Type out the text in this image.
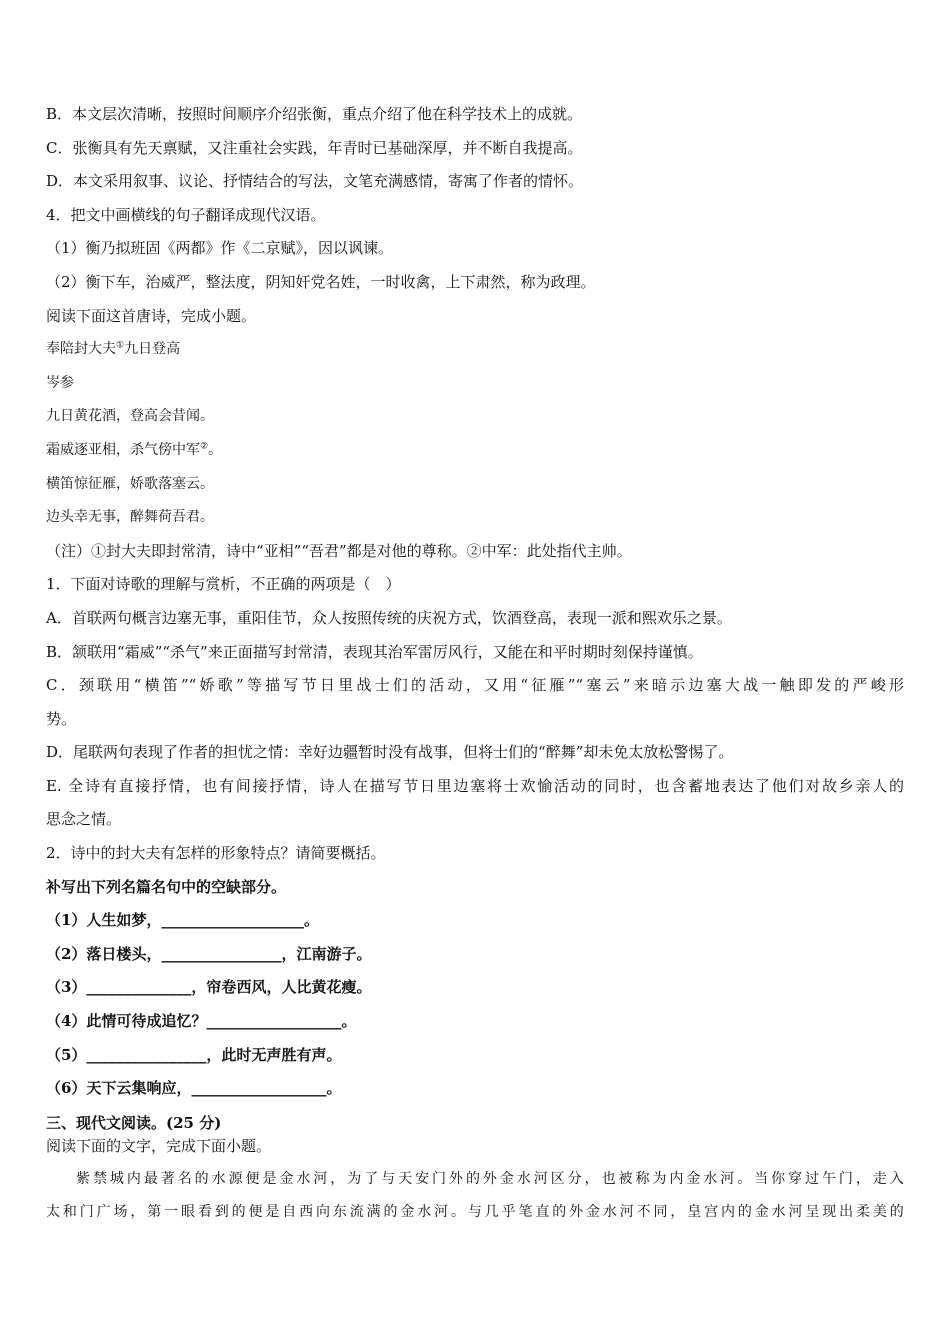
B．本文层次清晰，按照时间顺序介绍张衡，重点介绍了他在科学技术上的成就。
C．张衡具有先天禀赋，又注重社会实践，年青时已基础深厚，并不断自我提高。
D．本文采用叙事、议论、抒情结合的写法，文笔充满感情，寄寓了作者的情怀。
4．把文中画横线的句子翻译成现代汉语。
（1）衡乃拟班固《两都》作《二京赋》，因以讽谏。
（2）衡下车，治威严，整法度，阴知奸党名姓，一时收禽，上下肃然，称为政理。
阅读下面这首唐诗，完成小题。
奉陪封大夫①九日登高
岑参
九日黄花酒，登高会昔闻。
霜威逐亚相，杀气傍中军②。
横笛惊征雁，娇歌落塞云。
边头幸无事，醉舞荷吾君。
（注）①封大夫即封常清，诗中“亚相”“吾君”都是对他的尊称。②中军：此处指代主帅。
1．下面对诗歌的理解与赏析，不正确的两项是（　）
A．首联两句概言边塞无事，重阳佳节，众人按照传统的庆祝方式，饮酒登高，表现一派和熙欢乐之景。
B．颔联用“霜威”“杀气”来正面描写封常清，表现其治军雷厉风行，又能在和平时期时刻保持谨慎。
C．颈联用“横笛”“娇歌”等描写节日里战士们的活动，又用“征雁”“塞云”来暗示边塞大战一触即发的严峻形
势。
D．尾联两句表现了作者的担忧之情：幸好边疆暂时没有战事，但将士们的“醉舞”却未免太放松警惕了。
E. 全诗有直接抒情，也有间接抒情，诗人在描写节日里边塞将士欢愉活动的同时，也含蓄地表达了他们对故乡亲人的
思念之情。
2．诗中的封大夫有怎样的形象特点？请简要概括。
补写出下列名篇名句中的空缺部分。
（1）人生如梦，___________________。
（2）落日楼头，________________，江南游子。
（3）______________，帘卷西风，人比黄花瘦。
（4）此情可待成追忆？__________________。
（5）________________，此时无声胜有声。
（6）天下云集响应，__________________。
三、现代文阅读。(25 分)
阅读下面的文字，完成下面小题。
紫禁城内最著名的水源便是金水河，为了与天安门外的外金水河区分，也被称为内金水河。当你穿过午门，走入
太和门广场，第一眼看到的便是自西向东流满的金水河。与几乎笔直的外金水河不同，皇宫内的金水河呈现出柔美的
